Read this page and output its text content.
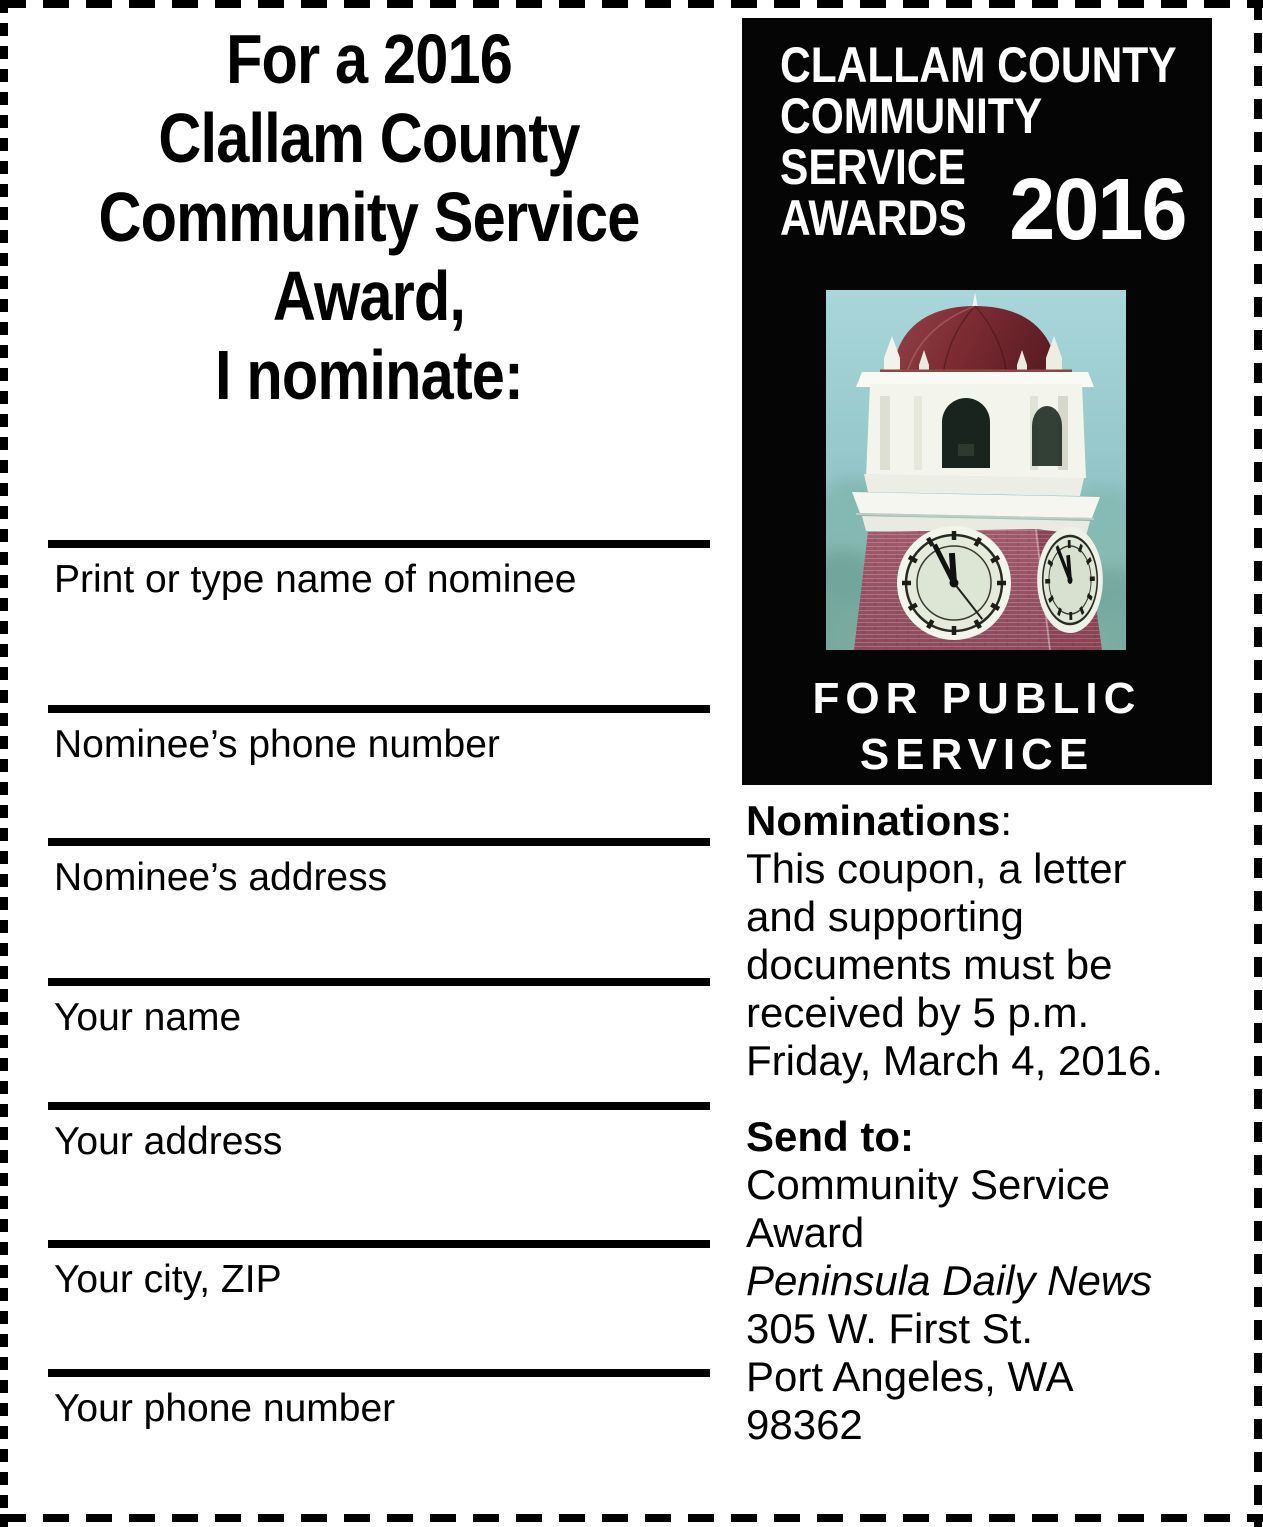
For a 2016
Clallam County
Community Service
Award,
I nominate:
Print or type name of nominee
Nominee’s phone number
Nominee’s address
Your name
Your address
Your city, ZIP
Your phone number
CLALLAM COUNTY
COMMUNITY
SERVICE
AWARDS 2016
FOR PUBLIC
SERVICE
Nominations:
This coupon, a letter
and supporting
documents must be
received by 5 p.m.
Friday, March 4, 2016.
Send to:
Community Service
Award
Peninsula Daily News
305 W. First St.
Port Angeles, WA
98362
